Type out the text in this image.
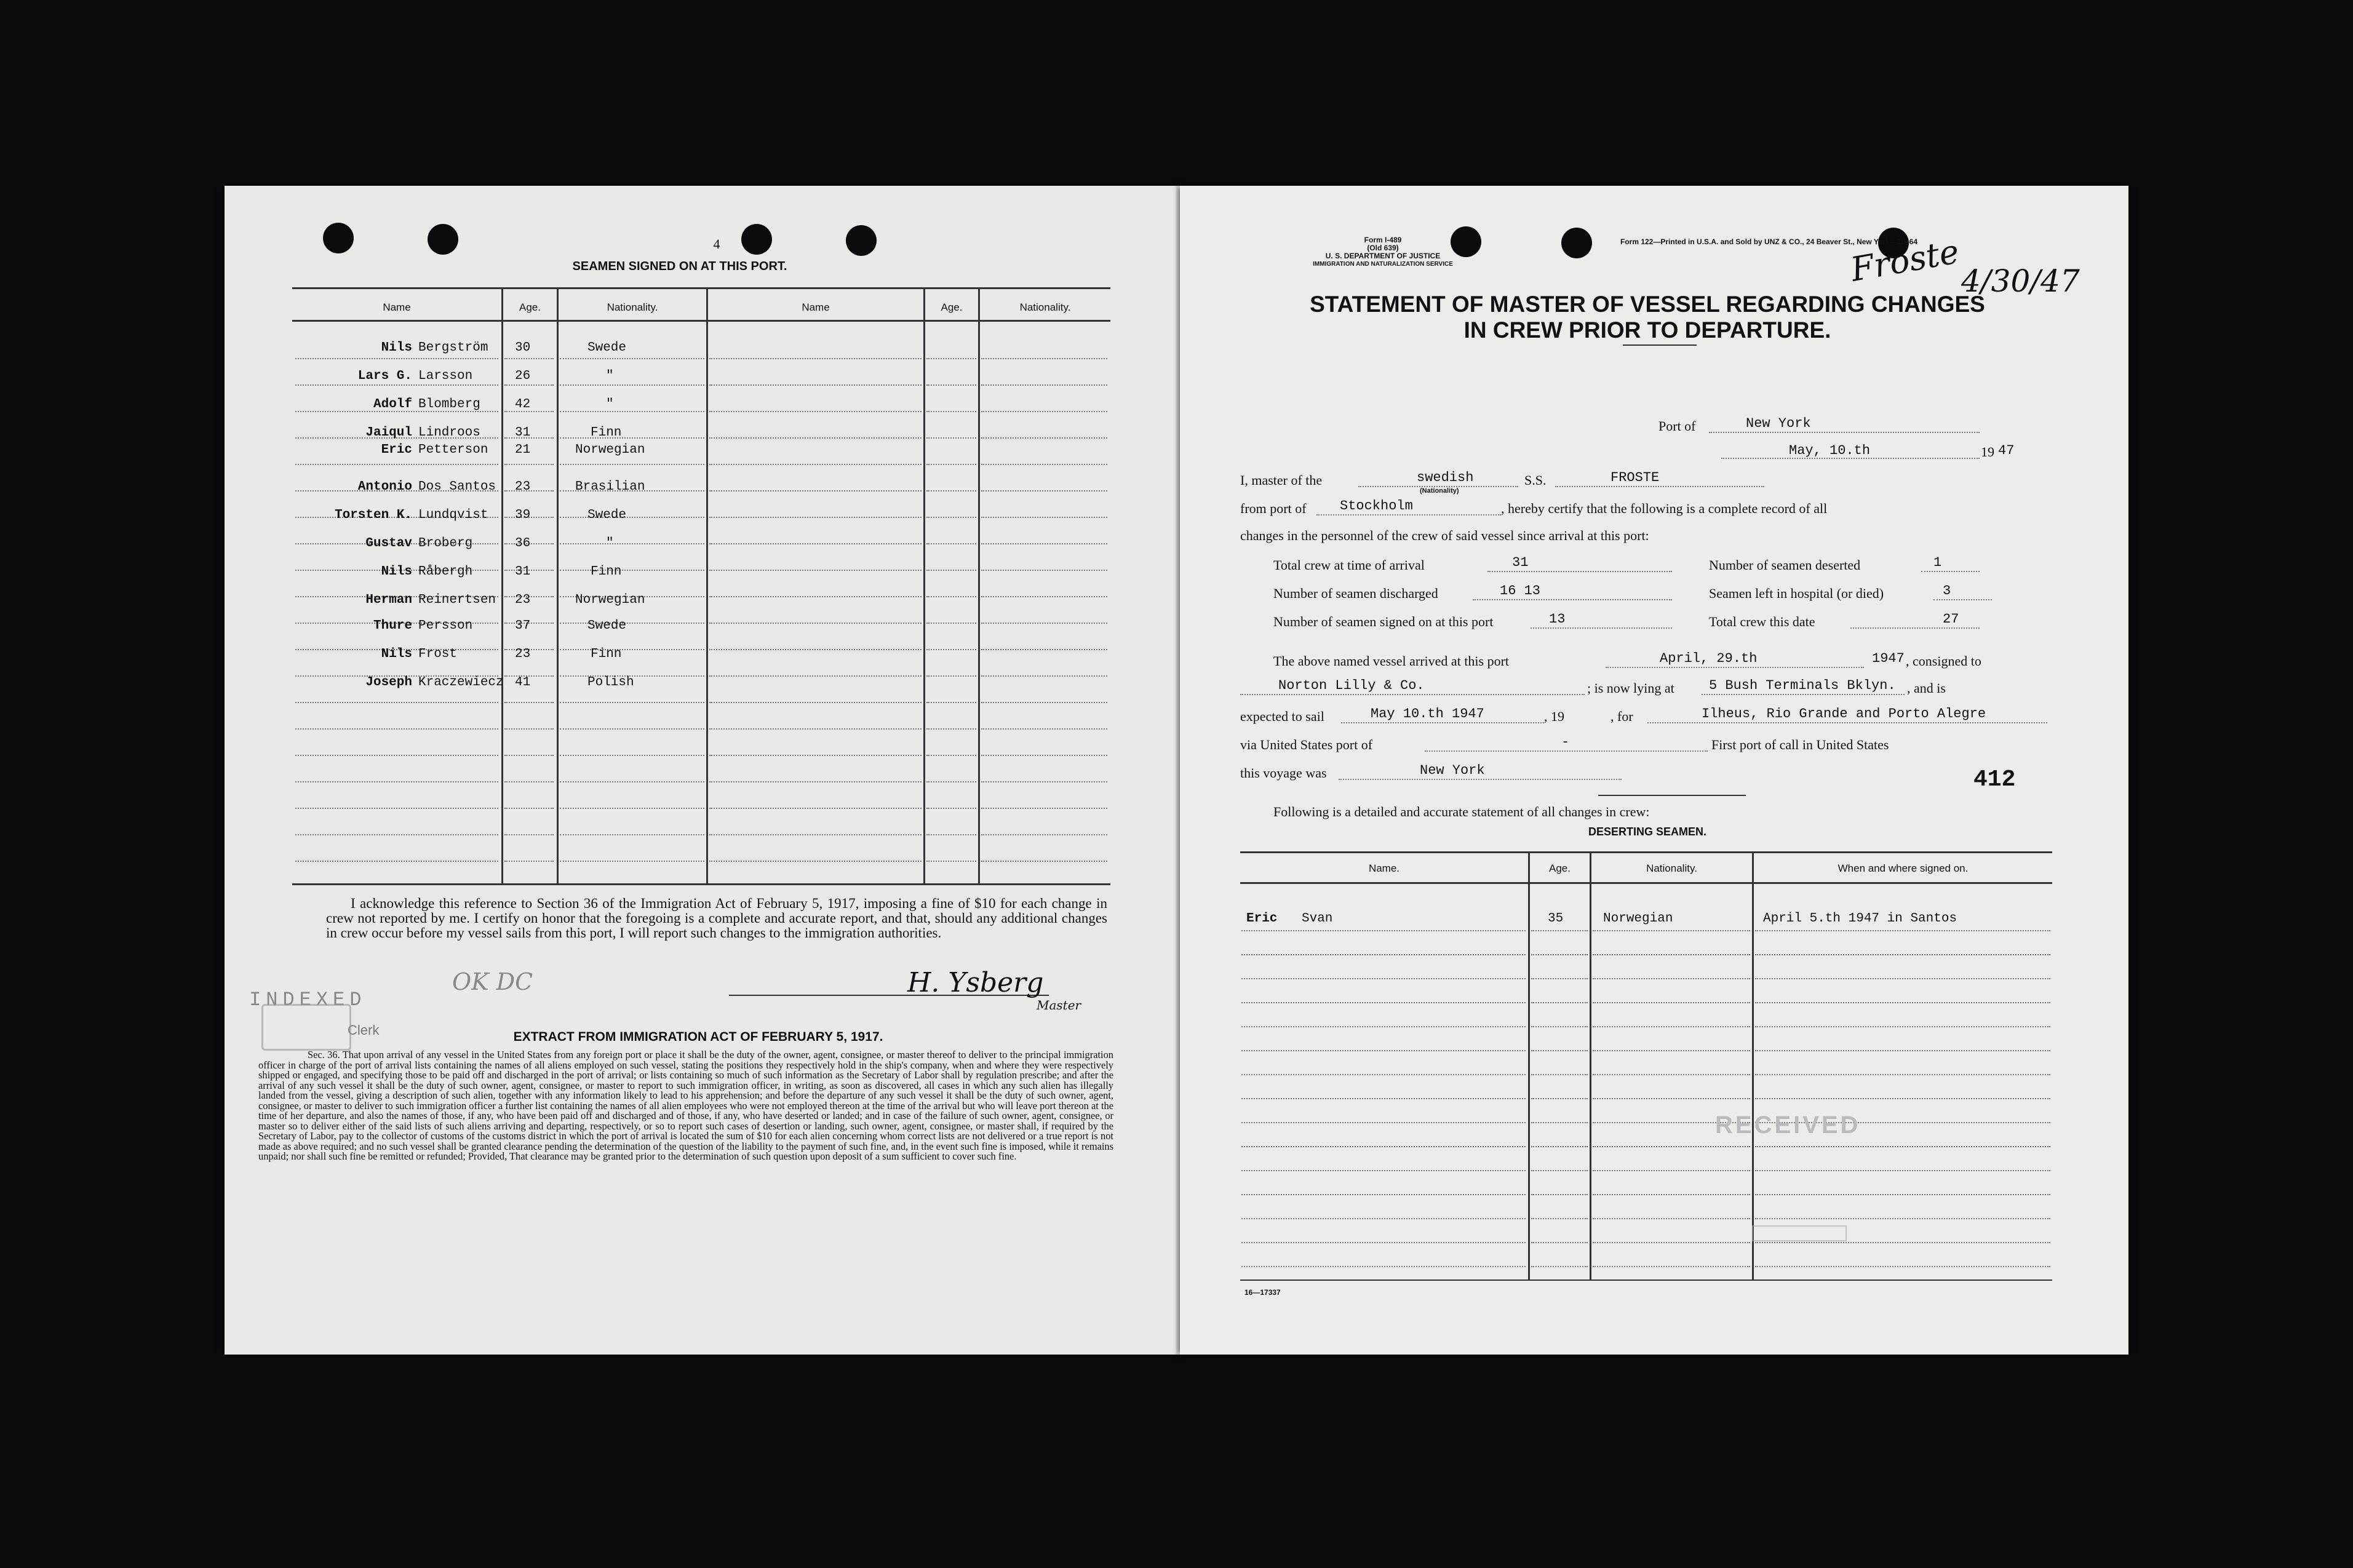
4
SEAMEN SIGNED ON AT THIS PORT.
Name	Age.	Nationality.	Name	Age.	Nationality.
Nils Bergström 30	Swede
Lars G. Larsson	26	"
Adolf Blomberg	42	"
Jaiqul Lindroos	31	Finn
Eric Petterson 21	Norwegian
Antonio Dos Santos 23	Brasilian
Torsten K. Lundqvist 39	Swede
Gustav Broberg	36	"
Nils Råbergh	31	Finn
Herman Reinertsen 23	Norwegian
Thure Persson	37	Swede
Nils Frost	23	Finn
Joseph Kraczewiecz 41	Polish
I acknowledge this reference to Section 36 of the Immigration Act of February 5, 1917, imposing a fine of $10 for each change in crew not reported by me. I certify on honor that the foregoing is a complete and accurate report, and that, should any additional changes in crew occur before my vessel sails from this port, I will report such changes to the immigration authorities.
INDEXED
OK DC
Clerk
H. Ysberg
Master
EXTRACT FROM IMMIGRATION ACT OF FEBRUARY 5, 1917.
Sec. 36. That upon arrival of any vessel in the United States from any foreign port or place it shall be the duty of the owner, agent, consignee, or master thereof to deliver to the principal immigration officer in charge of the port of arrival lists containing the names of all aliens employed on such vessel, stating the positions they respectively hold in the ship's company, when and where they were respectively shipped or engaged, and specifying those to be paid off and discharged in the port of arrival; or lists containing so much of such information as the Secretary of Labor shall by regulation prescribe; and after the arrival of any such vessel it shall be the duty of such owner, agent, consignee, or master to report to such immigration officer, in writing, as soon as discovered, all cases in which any such alien has illegally landed from the vessel, giving a description of such alien, together with any information likely to lead to his apprehension; and before the departure of any such vessel it shall be the duty of such owner, agent, consignee, or master to deliver to such immigration officer a further list containing the names of all alien employees who were not employed thereon at the time of the arrival but who will leave port thereon at the time of her departure, and also the names of those, if any, who have been paid off and discharged and of those, if any, who have deserted or landed; and in case of the failure of such owner, agent, consignee, or master so to deliver either of the said lists of such aliens arriving and departing, respectively, or so to report such cases of desertion or landing, such owner, agent, consignee, or master shall, if required by the Secretary of Labor, pay to the collector of customs of the customs district in which the port of arrival is located the sum of $10 for each alien concerning whom correct lists are not delivered or a true report is not made as above required; and no such vessel shall be granted clearance pending the determination of the question of the liability to the payment of such fine, and, in the event such fine is imposed, while it remains unpaid; nor shall such fine be remitted or refunded; Provided, That clearance may be granted prior to the determination of such question upon deposit of a sum sufficient to cover such fine.
Form I-489
(Old 639)
U. S. DEPARTMENT OF JUSTICE
IMMIGRATION AND NATURALIZATION SERVICE
Form 122—Printed in U.S.A. and Sold by UNZ & CO., 24 Beaver St., New York—20464
Froste
4/30/47
STATEMENT OF MASTER OF VESSEL REGARDING CHANGES
IN CREW PRIOR TO DEPARTURE.
Port of	New York
May, 10.th	19 47
I, master of the	swedish
(Nationality)
S.S.	FROSTE
from port of Stockholm	, hereby certify that the following is a complete record of all
changes in the personnel of the crew of said vessel since arrival at this port:
Total crew at time of arrival	31
Number of seamen discharged	16 13
Number of seamen signed on at this port	13
Number of seamen deserted	1
Seamen left in hospital (or died)	3
Total crew this date	27
The above named vessel arrived at this port	April, 29.th	1947 , consigned to
Norton Lilly & Co.	; is now lying at	5 Bush Terminals Bklyn. , and is
expected to sail	May 10.th 1947	, 19	, for	Ilheus, Rio Grande and Porto Alegre
via United States port of	-	First port of call in United States
this voyage was	New York	412
Following is a detailed and accurate statement of all changes in crew:
DESERTING SEAMEN.
Name.	Age.	Nationality.	When and where signed on.
Eric Svan	35	Norwegian	April 5.th 1947 in Santos
RECEIVED
16—17337
